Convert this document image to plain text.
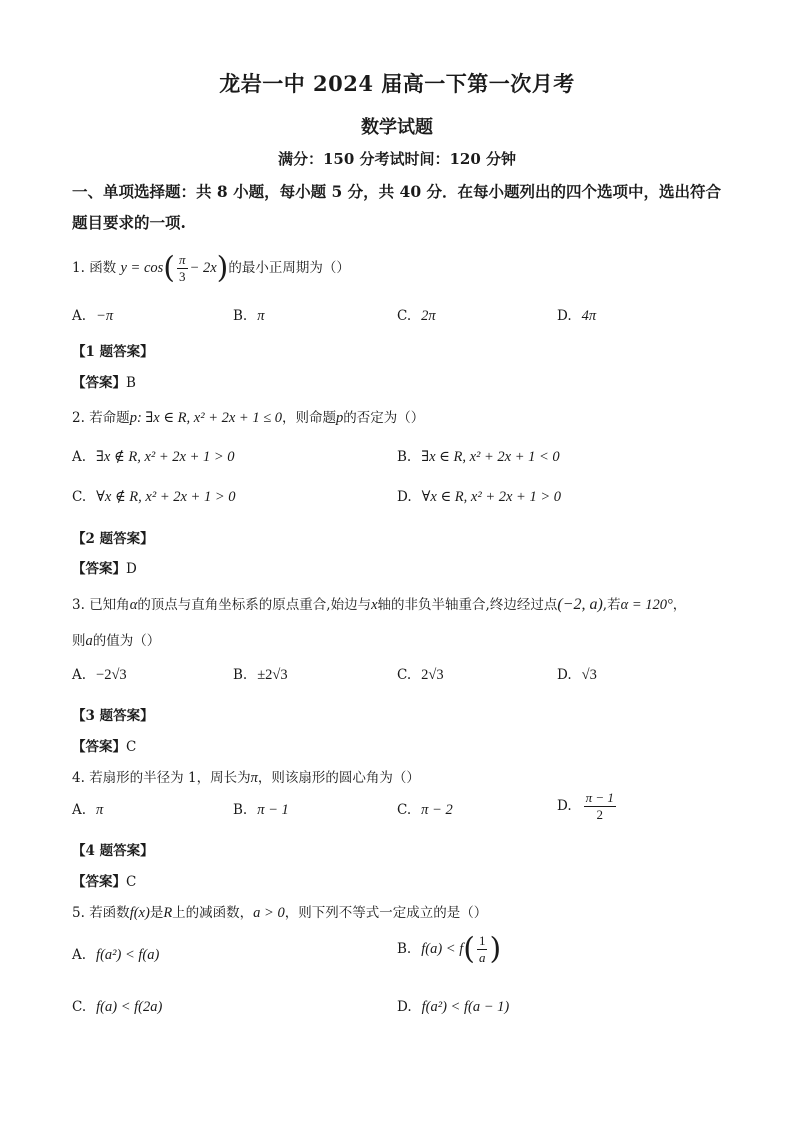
龙岩一中 2024 届高一下第一次月考
数学试题
满分：150 分考试时间：120 分钟
一、单项选择题：共 8 小题，每小题 5 分，共 40 分．在每小题列出的四个选项中，选出符合
题目要求的一项.
1. 函数 $y = \cos( \frac{\pi}{3} - 2x)$的最小正周期为（）
A. −π	B. π	C. 2π	D. 4π
【1 题答案】
【答案】B
2. 若命题p: ∃x ∈ R, x² + 2x + 1 ≤ 0，则命题p的否定为（）
A. ∃x ∉ R, x² + 2x + 1 > 0	B. ∃x ∈ R, x² + 2x + 1 < 0
C. ∀x ∉ R, x² + 2x + 1 > 0	D. ∀x ∈ R, x² + 2x + 1 > 0
【2 题答案】
【答案】D
3. 已知角α的顶点与直角坐标系的原点重合,始边与x轴的非负半轴重合,终边经过点(−2, a),若α = 120°，
则a的值为（）
A. −2√3	B. ±2√3	C. 2√3	D. √3
【3 题答案】
【答案】C
4. 若扇形的半径为 1，周长为π，则该扇形的圆心角为（）
A. π	B. π − 1	C. π − 2	D. $\frac{\pi - 1}{2}$
【4 题答案】
【答案】C
5. 若函数f(x)是R上的减函数，a > 0，则下列不等式一定成立的是（）
A. f(a²) < f(a)	B. $f(a) < f( \frac{1}{a}$ )
C. f(a) < f(2a)	D. f(a²) < f(a − 1)
